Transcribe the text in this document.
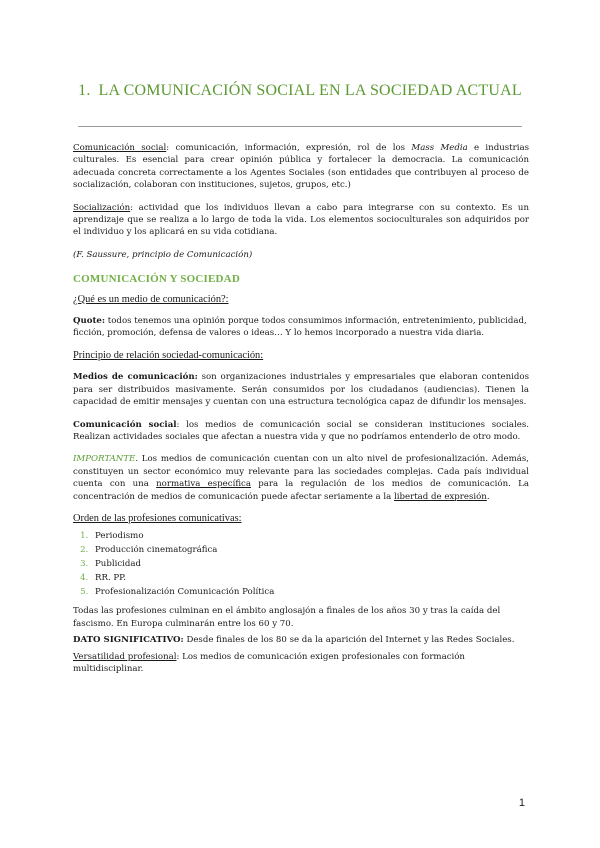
1. LA COMUNICACIÓN SOCIAL EN LA SOCIEDAD ACTUAL

Comunicación social: comunicación, información, expresión, rol de los Mass Media e industrias culturales. Es esencial para crear opinión pública y fortalecer la democracia. La comunicación adecuada concreta correctamente a los Agentes Sociales (son entidades que contribuyen al proceso de socialización, colaboran con instituciones, sujetos, grupos, etc.)

Socialización: actividad que los individuos llevan a cabo para integrarse con su contexto. Es un aprendizaje que se realiza a lo largo de toda la vida. Los elementos socioculturales son adquiridos por el individuo y los aplicará en su vida cotidiana.

(F. Saussure, principio de Comunicación)

COMUNICACIÓN Y SOCIEDAD

¿Qué es un medio de comunicación?:

Quote: todos tenemos una opinión porque todos consumimos información, entretenimiento, publicidad, ficción, promoción, defensa de valores o ideas… Y lo hemos incorporado a nuestra vida diaria.

Principio de relación sociedad-comunicación:

Medios de comunicación: son organizaciones industriales y empresariales que elaboran contenidos para ser distribuidos masivamente. Serán consumidos por los ciudadanos (audiencias). Tienen la capacidad de emitir mensajes y cuentan con una estructura tecnológica capaz de difundir los mensajes.

Comunicación social: los medios de comunicación social se consideran instituciones sociales. Realizan actividades sociales que afectan a nuestra vida y que no podríamos entenderlo de otro modo.

IMPORTANTE. Los medios de comunicación cuentan con un alto nivel de profesionalización. Además, constituyen un sector económico muy relevante para las sociedades complejas. Cada país individual cuenta con una normativa específica para la regulación de los medios de comunicación. La concentración de medios de comunicación puede afectar seriamente a la libertad de expresión.

Orden de las profesiones comunicativas:

1. Periodismo
2. Producción cinematográfica
3. Publicidad
4. RR. PP.
5. Profesionalización Comunicación Política

Todas las profesiones culminan en el ámbito anglosajón a finales de los años 30 y tras la caída del fascismo. En Europa culminarán entre los 60 y 70.

DATO SIGNIFICATIVO: Desde finales de los 80 se da la aparición del Internet y las Redes Sociales.

Versatilidad profesional: Los medios de comunicación exigen profesionales con formación multidisciplinar.

1
